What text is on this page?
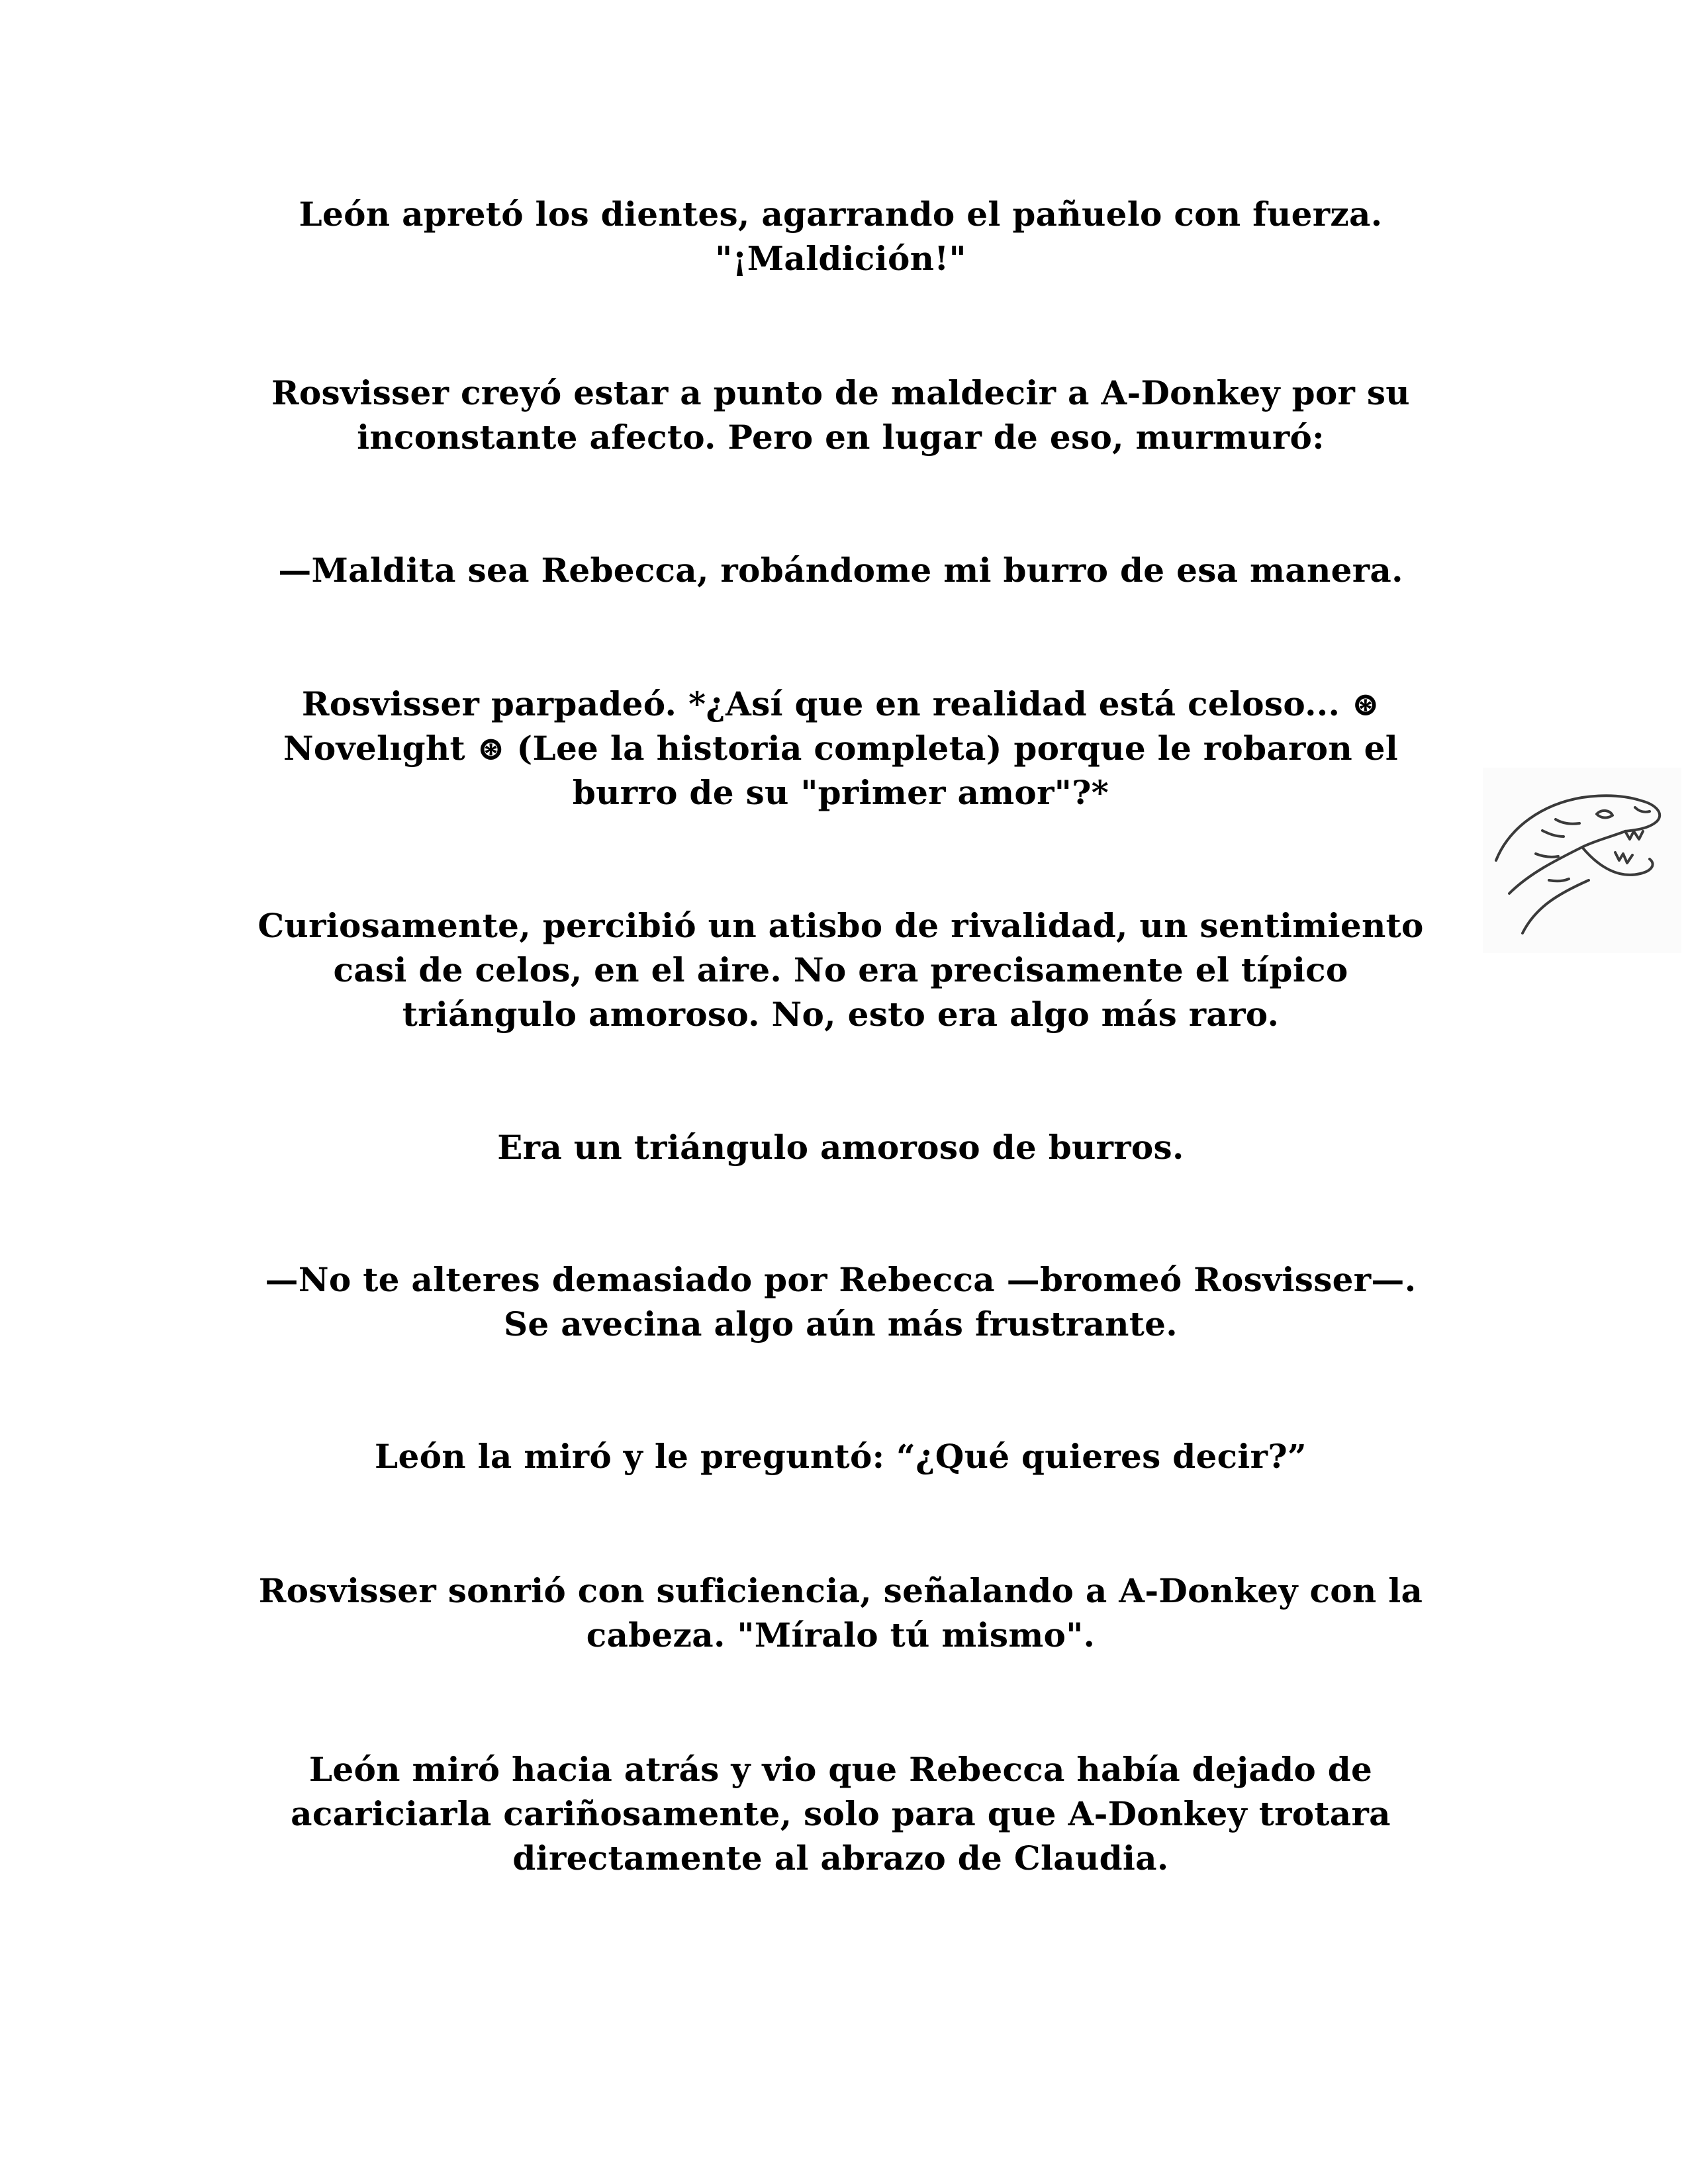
León apretó los dientes, agarrando el pañuelo con fuerza.
"¡Maldición!"

Rosvisser creyó estar a punto de maldecir a A-Donkey por su
inconstante afecto. Pero en lugar de eso, murmuró:

—Maldita sea Rebecca, robándome mi burro de esa manera.

Rosvisser parpadeó. *¿Así que en realidad está celoso... ⊛
Novelıght ⊛ (Lee la historia completa) porque le robaron el
burro de su "primer amor"?*

Curiosamente, percibió un atisbo de rivalidad, un sentimiento
casi de celos, en el aire. No era precisamente el típico
triángulo amoroso. No, esto era algo más raro.

Era un triángulo amoroso de burros.

—No te alteres demasiado por Rebecca —bromeó Rosvisser—.
Se avecina algo aún más frustrante.

León la miró y le preguntó: “¿Qué quieres decir?”

Rosvisser sonrió con suficiencia, señalando a A-Donkey con la
cabeza. "Míralo tú mismo".

León miró hacia atrás y vio que Rebecca había dejado de
acariciarla cariñosamente, solo para que A-Donkey trotara
directamente al abrazo de Claudia.
